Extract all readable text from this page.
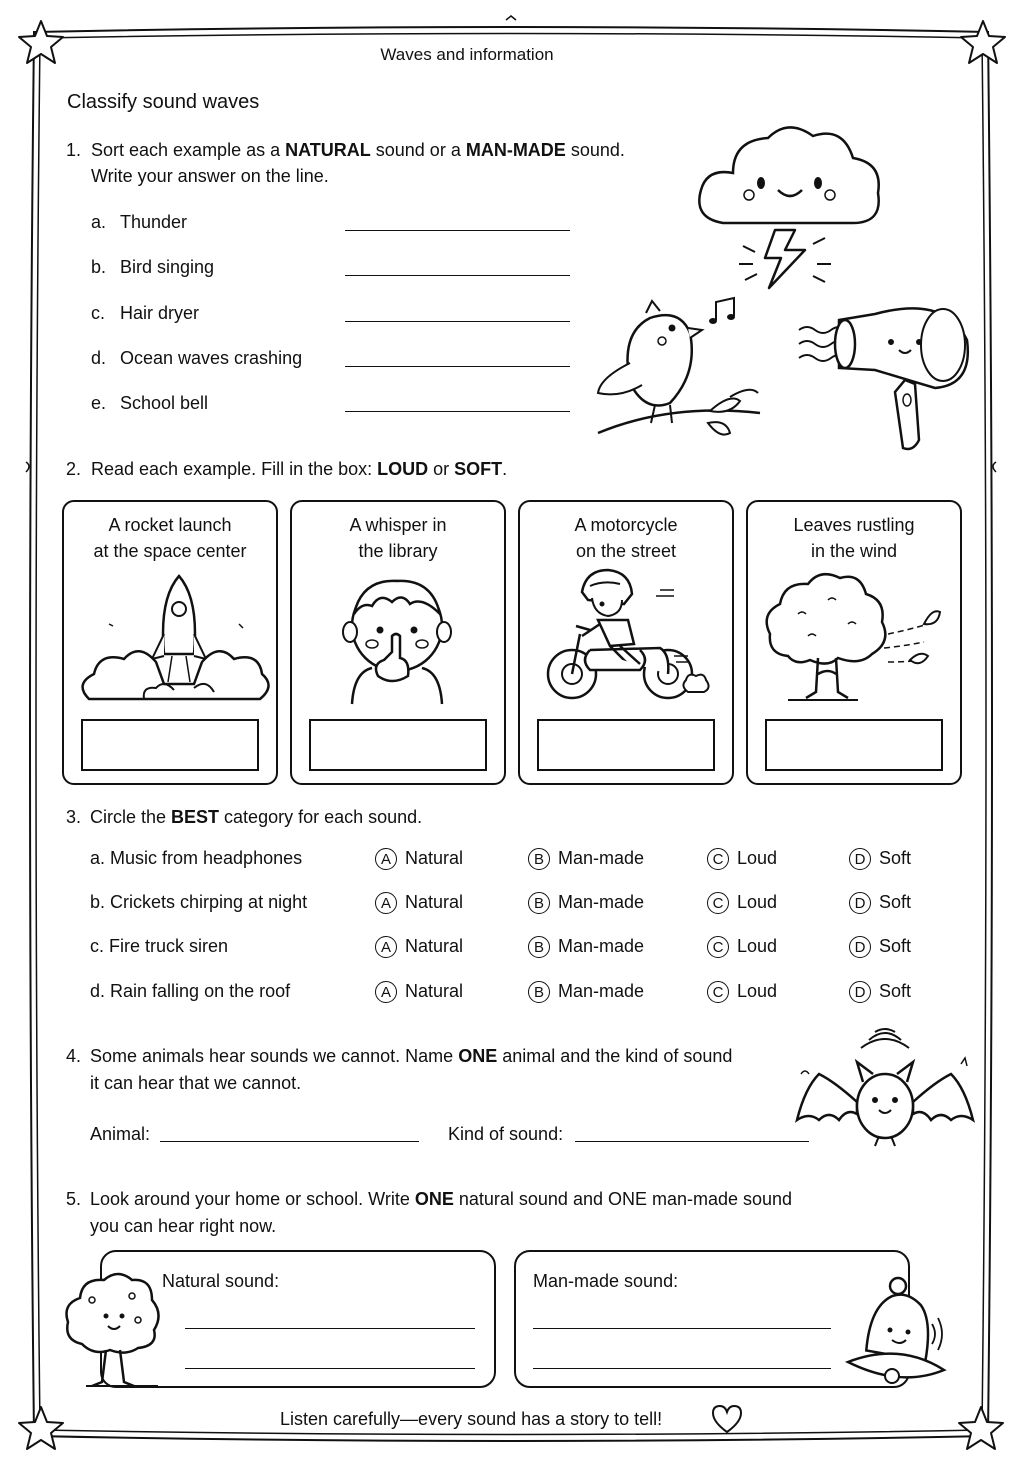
Waves and information
Classify sound waves
1. Sort each example as a NATURAL sound or a MAN-MADE sound.
Write your answer on the line.
a. Thunder
b. Bird singing
c. Hair dryer
d. Ocean waves crashing
e. School bell
2. Read each example. Fill in the box: LOUD or SOFT.
A rocket launch
at the space center
A whisper in
the library
A motorcycle
on the street
Leaves rustling
in the wind
3. Circle the BEST category for each sound.
a. Music from headphones	A Natural	B Man-made	C Loud	D Soft
b. Crickets chirping at night	A Natural	B Man-made	C Loud	D Soft
c. Fire truck siren	A Natural	B Man-made	C Loud	D Soft
d. Rain falling on the roof	A Natural	B Man-made	C Loud	D Soft
4. Some animals hear sounds we cannot. Name ONE animal and the kind of sound
it can hear that we cannot.
Animal:	Kind of sound:
5. Look around your home or school. Write ONE natural sound and ONE man-made sound
you can hear right now.
Natural sound:	Man-made sound:
Listen carefully—every sound has a story to tell!
